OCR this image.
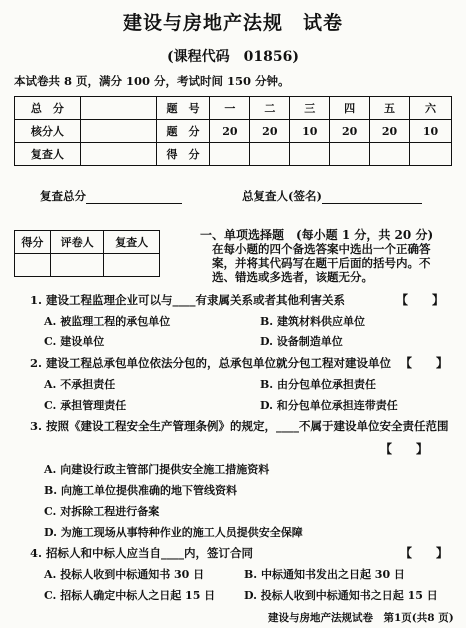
建设与房地产法规　试卷
(课程代码　01856)
本试卷共 8 页，满分 100 分，考试时间 150 分钟。
总　分		题　号	一	二	三	四	五	六
核分人		题　分	20	20	10	20	20	10
复查人		得　分						
复查总分	总复查人(签名)
得分	评卷人	复查人

一、单项选择题　(每小题 1 分，共 20 分)
在每小题的四个备选答案中选出一个正确答案，并将其代码写在题干后面的括号内。不选、错选或多选者，该题无分。
1. 建设工程监理企业可以与____有隶属关系或者其他利害关系	【　　】
A. 被监理工程的承包单位	B. 建筑材料供应单位
C. 建设单位	D. 设备制造单位
2. 建设工程总承包单位依法分包的，总承包单位就分包工程对建设单位 【　　】
A. 不承担责任	B. 由分包单位承担责任
C. 承担管理责任	D. 和分包单位承担连带责任
3. 按照《建设工程安全生产管理条例》的规定，____不属于建设单位安全责任范围
【　　】
A. 向建设行政主管部门提供安全施工措施资料
B. 向施工单位提供准确的地下管线资料
C. 对拆除工程进行备案
D. 为施工现场从事特种作业的施工人员提供安全保障
4. 招标人和中标人应当自____内，签订合同	【　　】
A. 投标人收到中标通知书 30 日	B. 中标通知书发出之日起 30 日
C. 招标人确定中标人之日起 15 日	D. 投标人收到中标通知书之日起 15 日
建设与房地产法规试卷　第1页(共8 页)
